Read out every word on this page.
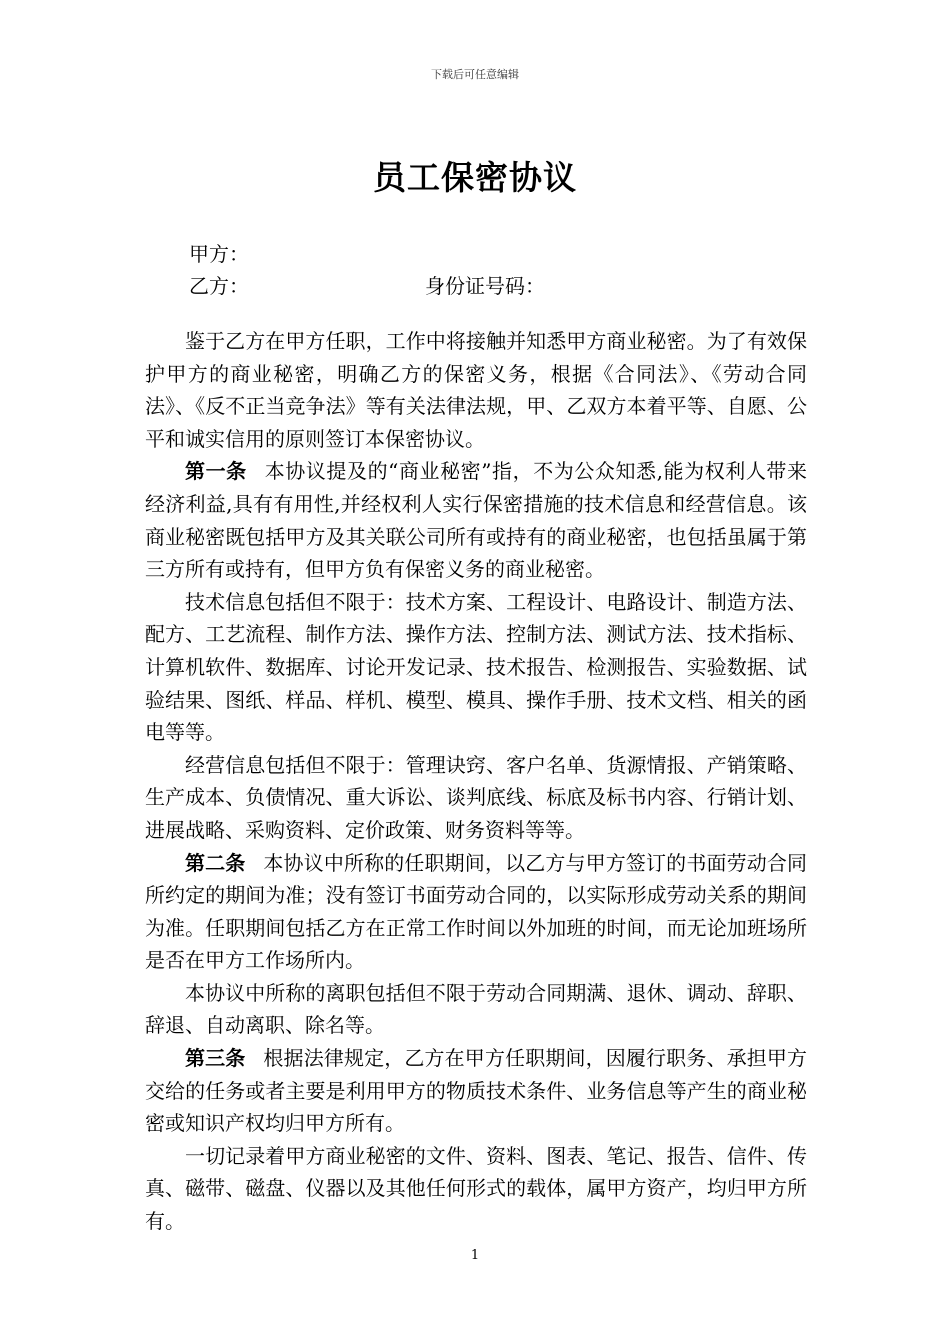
下载后可任意编辑
员工保密协议
甲方：
乙方：	身份证号码：

鉴于乙方在甲方任职，工作中将接触并知悉甲方商业秘密。为了有效保护甲方的商业秘密，明确乙方的保密义务，根据《合同法》、《劳动合同法》、《反不正当竞争法》等有关法律法规，甲、乙双方本着平等、自愿、公平和诚实信用的原则签订本保密协议。

第一条 本协议提及的“商业秘密”指，不为公众知悉,能为权利人带来经济利益,具有有用性,并经权利人实行保密措施的技术信息和经营信息。该商业秘密既包括甲方及其关联公司所有或持有的商业秘密，也包括虽属于第三方所有或持有，但甲方负有保密义务的商业秘密。

技术信息包括但不限于：技术方案、工程设计、电路设计、制造方法、配方、工艺流程、制作方法、操作方法、控制方法、测试方法、技术指标、计算机软件、数据库、讨论开发记录、技术报告、检测报告、实验数据、试验结果、图纸、样品、样机、模型、模具、操作手册、技术文档、相关的函电等等。

经营信息包括但不限于：管理诀窍、客户名单、货源情报、产销策略、生产成本、负债情况、重大诉讼、谈判底线、标底及标书内容、行销计划、进展战略、采购资料、定价政策、财务资料等等。

第二条 本协议中所称的任职期间，以乙方与甲方签订的书面劳动合同所约定的期间为准；没有签订书面劳动合同的，以实际形成劳动关系的期间为准。任职期间包括乙方在正常工作时间以外加班的时间，而无论加班场所是否在甲方工作场所内。

本协议中所称的离职包括但不限于劳动合同期满、退休、调动、辞职、辞退、自动离职、除名等。

第三条 根据法律规定，乙方在甲方任职期间，因履行职务、承担甲方交给的任务或者主要是利用甲方的物质技术条件、业务信息等产生的商业秘密或知识产权均归甲方所有。

一切记录着甲方商业秘密的文件、资料、图表、笔记、报告、信件、传真、磁带、磁盘、仪器以及其他任何形式的载体，属甲方资产，均归甲方所有。

1
